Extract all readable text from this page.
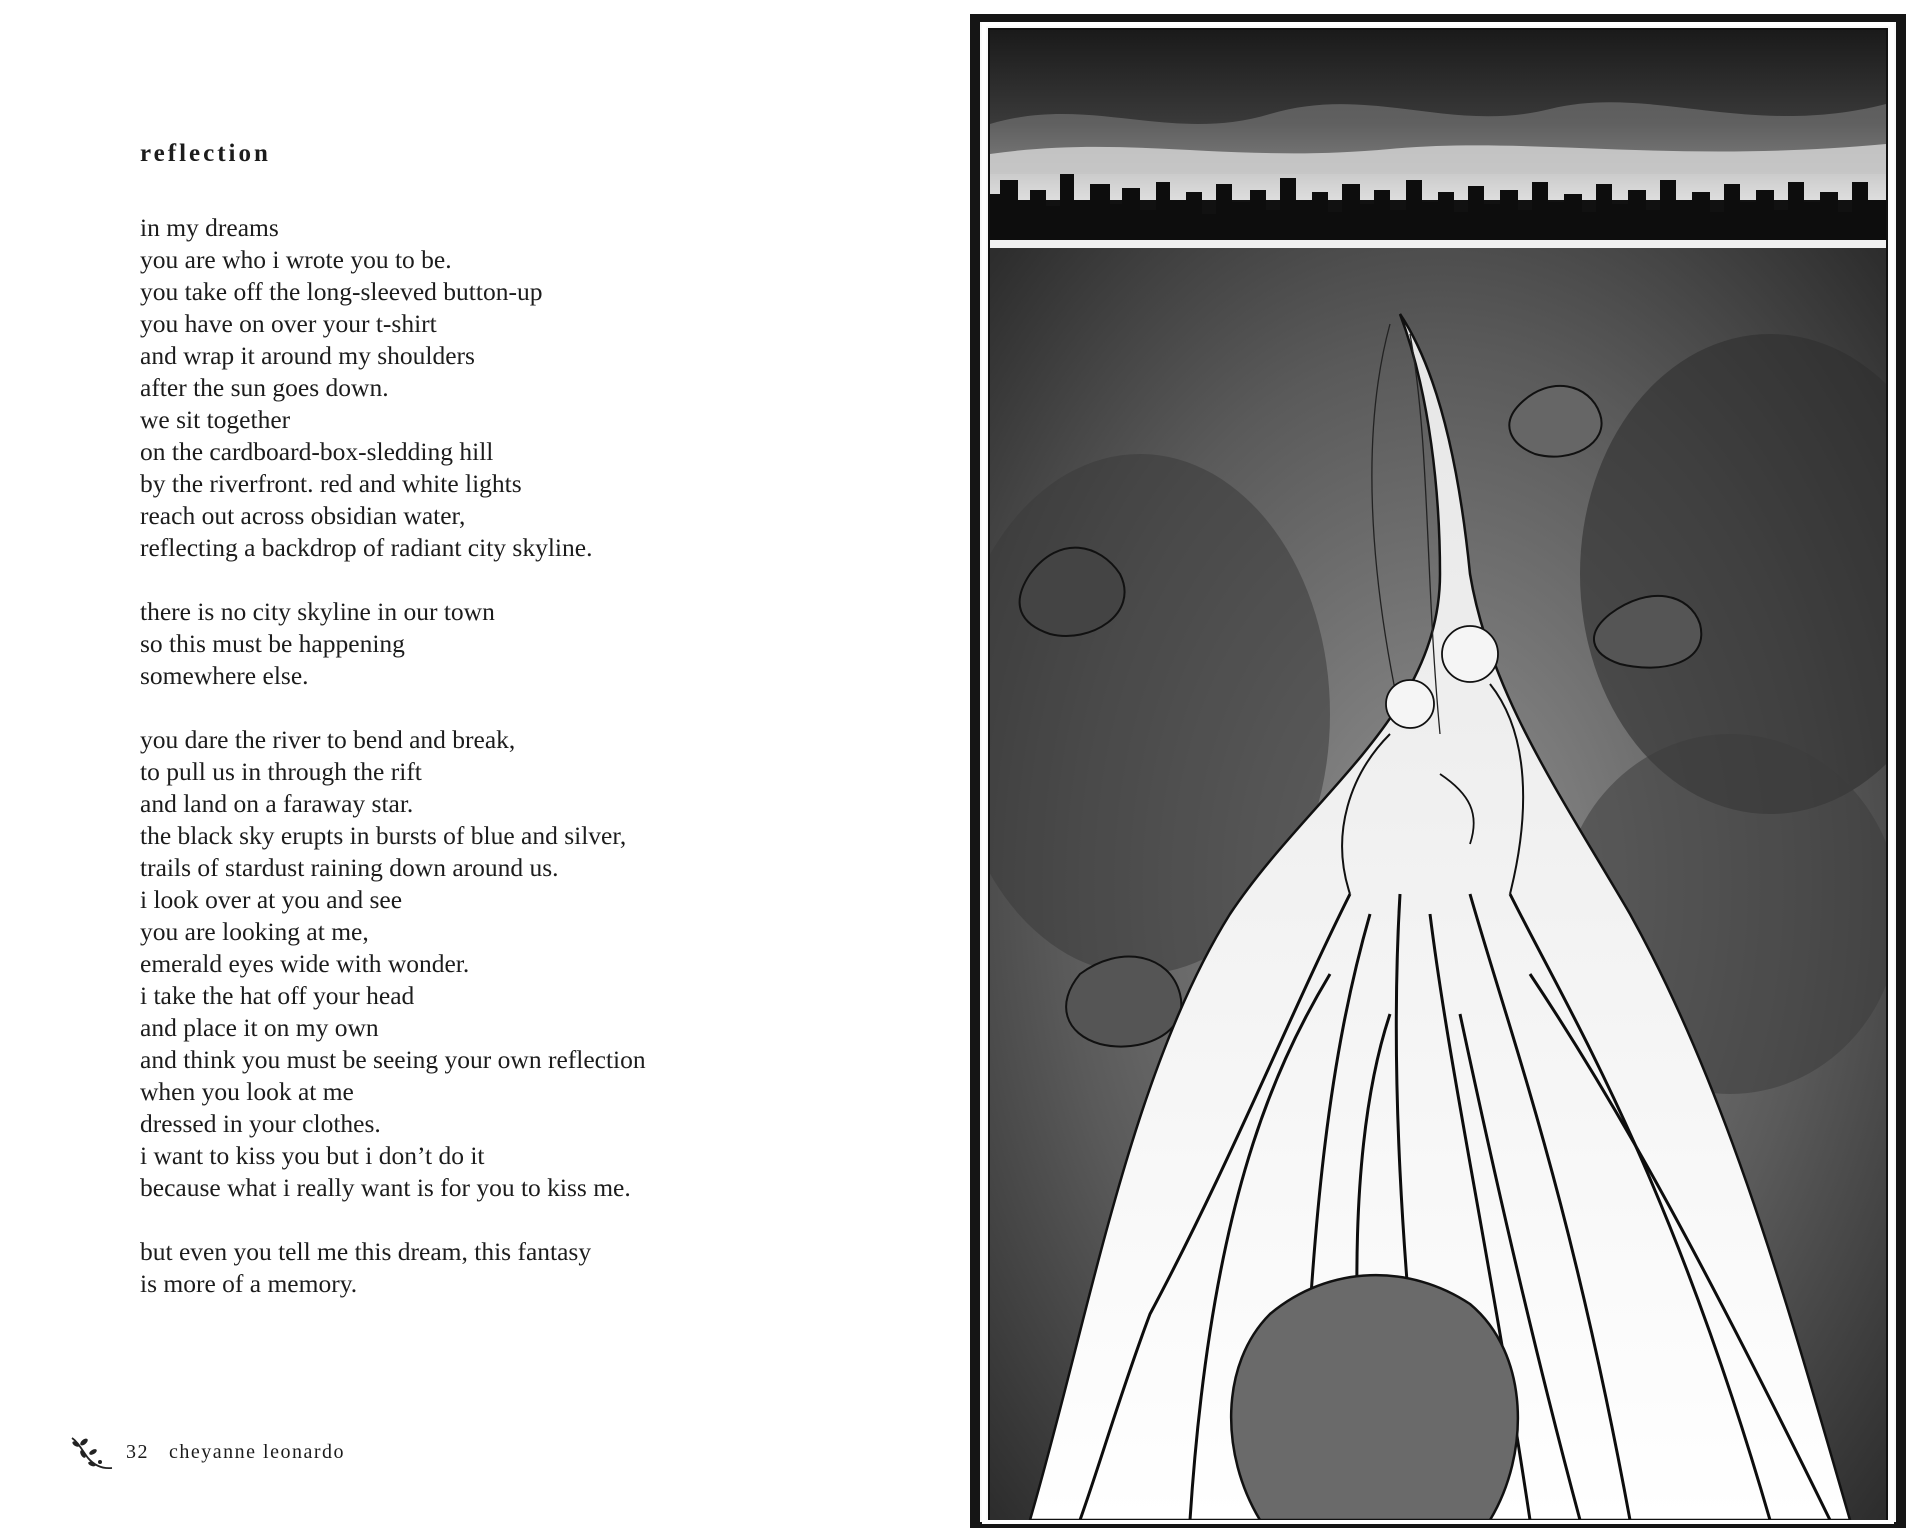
reflection

in my dreams
you are who i wrote you to be.
you take off the long-sleeved button-up
you have on over your t-shirt
and wrap it around my shoulders
after the sun goes down.
we sit together
on the cardboard-box-sledding hill
by the riverfront. red and white lights
reach out across obsidian water,
reflecting a backdrop of radiant city skyline.

there is no city skyline in our town
so this must be happening
somewhere else.

you dare the river to bend and break,
to pull us in through the rift
and land on a faraway star.
the black sky erupts in bursts of blue and silver,
trails of stardust raining down around us.
i look over at you and see
you are looking at me,
emerald eyes wide with wonder.
i take the hat off your head
and place it on my own
and think you must be seeing your own reflection
when you look at me
dressed in your clothes.
i want to kiss you but i don’t do it
because what i really want is for you to kiss me.

but even you tell me this dream, this fantasy
is more of a memory.

32 cheyanne leonardo
